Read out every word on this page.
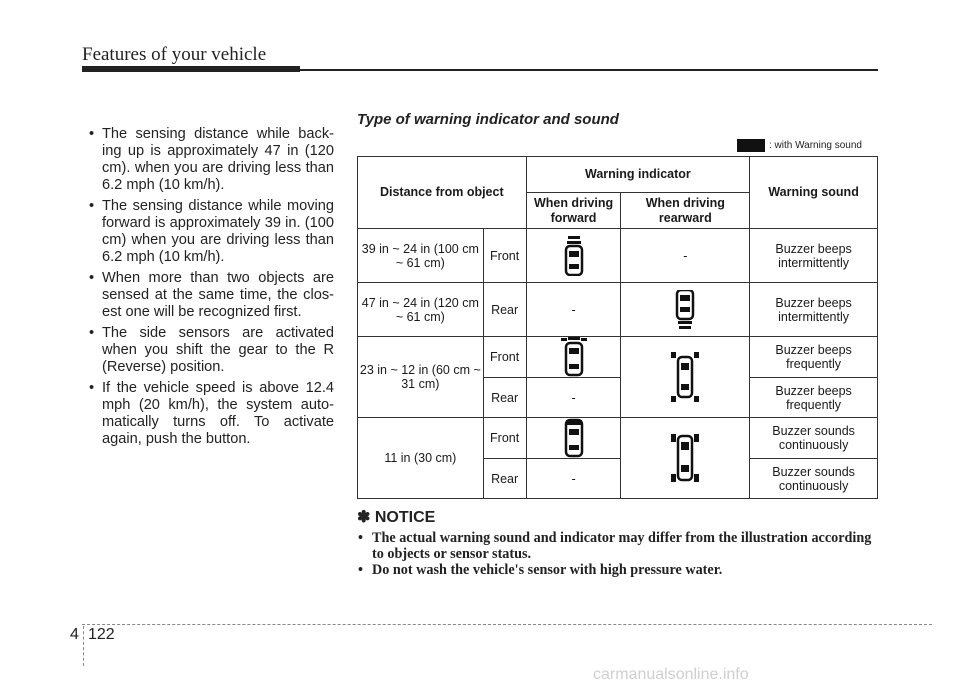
Features of your vehicle
• The sensing distance while back- ing up is approximately 47 in (120 cm). when you are driving less than 6.2 mph (10 km/h).
• The sensing distance while moving forward is approximately 39 in. (100 cm) when you are driving less than 6.2 mph (10 km/h).
• When more than two objects are sensed at the same time, the clos- est one will be recognized first.
• The side sensors are activated when you shift the gear to the R (Reverse) position.
• If the vehicle speed is above 12.4 mph (20 km/h), the system auto- matically turns off. To activate again, push the button.
Type of warning indicator and sound
: with Warning sound
Distance from object		Warning indicator		Warning sound
		When driving forward	When driving rearward	
39 in ~ 24 in (100 cm ~ 61 cm)	Front		-	Buzzer beeps intermittently
47 in ~ 24 in (120 cm ~ 61 cm)	Rear	-		Buzzer beeps intermittently
23 in ~ 12 in (60 cm ~ 31 cm)	Front			Buzzer beeps frequently
	Rear	-		Buzzer beeps frequently
11 in (30 cm)	Front			Buzzer sounds continuously
	Rear	-		Buzzer sounds continuously
✽ NOTICE
• The actual warning sound and indicator may differ from the illustration according to objects or sensor status.
• Do not wash the vehicle's sensor with high pressure water.
4 122
carmanualsonline.info
